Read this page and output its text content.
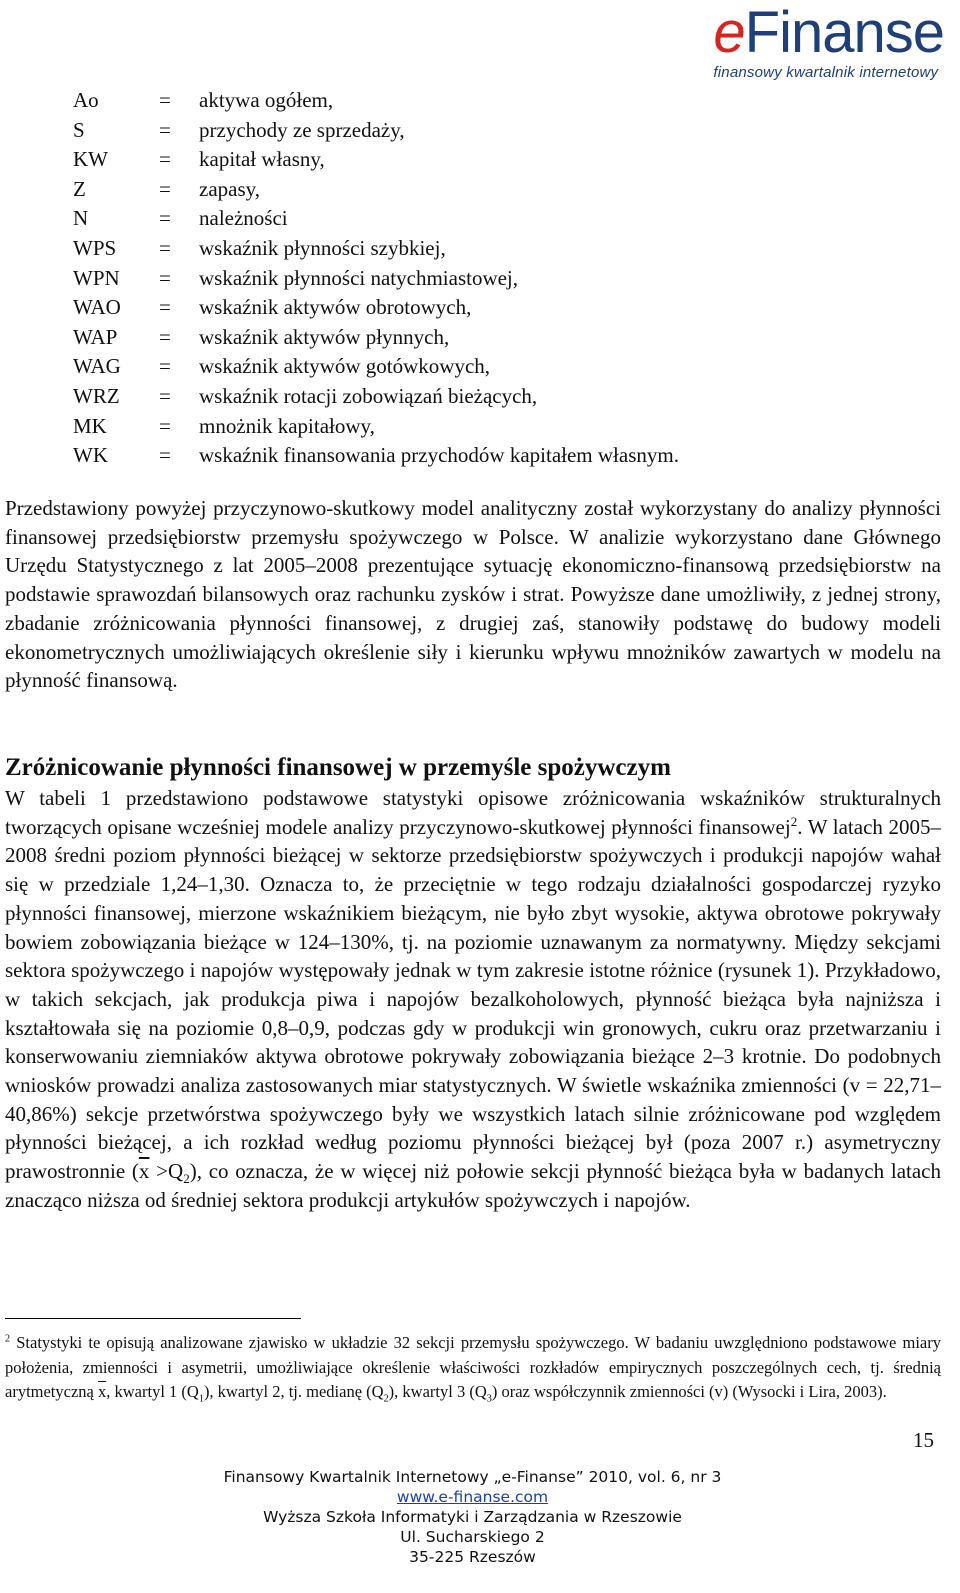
eFinanse
finansowy kwartalnik internetowy
Ao	= aktywa ogółem,
S	= przychody ze sprzedaży,
KW = kapitał własny,
Z	= zapasy,
N	= należności
WPS = wskaźnik płynności szybkiej,
WPN = wskaźnik płynności natychmiastowej,
WAO = wskaźnik aktywów obrotowych,
WAP = wskaźnik aktywów płynnych,
WAG = wskaźnik aktywów gotówkowych,
WRZ = wskaźnik rotacji zobowiązań bieżących,
MK = mnożnik kapitałowy,
WK = wskaźnik finansowania przychodów kapitałem własnym.

Przedstawiony powyżej przyczynowo-skutkowy model analityczny został wykorzystany do analizy płynności finansowej przedsiębiorstw przemysłu spożywczego w Polsce. W analizie wykorzystano dane Głównego Urzędu Statystycznego z lat 2005–2008 prezentujące sytuację ekonomiczno-finansową przedsiębiorstw na podstawie sprawozdań bilansowych oraz rachunku zysków i strat. Powyższe dane umożliwiły, z jednej strony, zbadanie zróżnicowania płynności finansowej, z drugiej zaś, stanowiły podstawę do budowy modeli ekonometrycznych umożliwiających określenie siły i kierunku wpływu mnożników zawartych w modelu na płynność finansową.

Zróżnicowanie płynności finansowej w przemyśle spożywczym

W tabeli 1 przedstawiono podstawowe statystyki opisowe zróżnicowania wskaźników strukturalnych tworzących opisane wcześniej modele analizy przyczynowo-skutkowej płynności finansowej$^2$. W latach 2005–2008 średni poziom płynności bieżącej w sektorze przedsiębiorstw spożywczych i produkcji napojów wahał się w przedziale 1,24–1,30. Oznacza to, że przeciętnie w tego rodzaju działalności gospodarczej ryzyko płynności finansowej, mierzone wskaźnikiem bieżącym, nie było zbyt wysokie, aktywa obrotowe pokrywały bowiem zobowiązania bieżące w 124–130%, tj. na poziomie uznawanym za normatywny. Między sekcjami sektora spożywczego i napojów występowały jednak w tym zakresie istotne różnice (rysunek 1). Przykładowo, w takich sekcjach, jak produkcja piwa i napojów bezalkoholowych, płynność bieżąca była najniższa i kształtowała się na poziomie 0,8–0,9, podczas gdy w produkcji win gronowych, cukru oraz przetwarzaniu i konserwowaniu ziemniaków aktywa obrotowe pokrywały zobowiązania bieżące 2–3 krotnie. Do podobnych wniosków prowadzi analiza zastosowanych miar statystycznych. W świetle wskaźnika zmienności (v = 22,71–40,86%) sekcje przetwórstwa spożywczego były we wszystkich latach silnie zróżnicowane pod względem płynności bieżącej, a ich rozkład według poziomu płynności bieżącej był (poza 2007 r.) asymetryczny prawostronnie $(\overline{x} >Q_2)$, co oznacza, że w więcej niż połowie sekcji płynność bieżąca była w badanych latach znacząco niższa od średniej sektora produkcji artykułów spożywczych i napojów.

$^2$ Statystyki te opisują analizowane zjawisko w układzie 32 sekcji przemysłu spożywczego. W badaniu uwzględniono podstawowe miary położenia, zmienności i asymetrii, umożliwiające określenie właściwości rozkładów empirycznych poszczególnych cech, tj. średnią arytmetyczną $\overline{x}$, kwartyl 1 $(Q_1)$, kwartyl 2, tj. medianę $(Q_2)$, kwartyl 3 $(Q_3)$ oraz współczynnik zmienności (v) (Wysocki i Lira, 2003).

15
Finansowy Kwartalnik Internetowy „e-Finanse” 2010, vol. 6, nr 3
www.e-finanse.com
Wyższa Szkoła Informatyki i Zarządzania w Rzeszowie
Ul. Sucharskiego 2
35-225 Rzeszów
